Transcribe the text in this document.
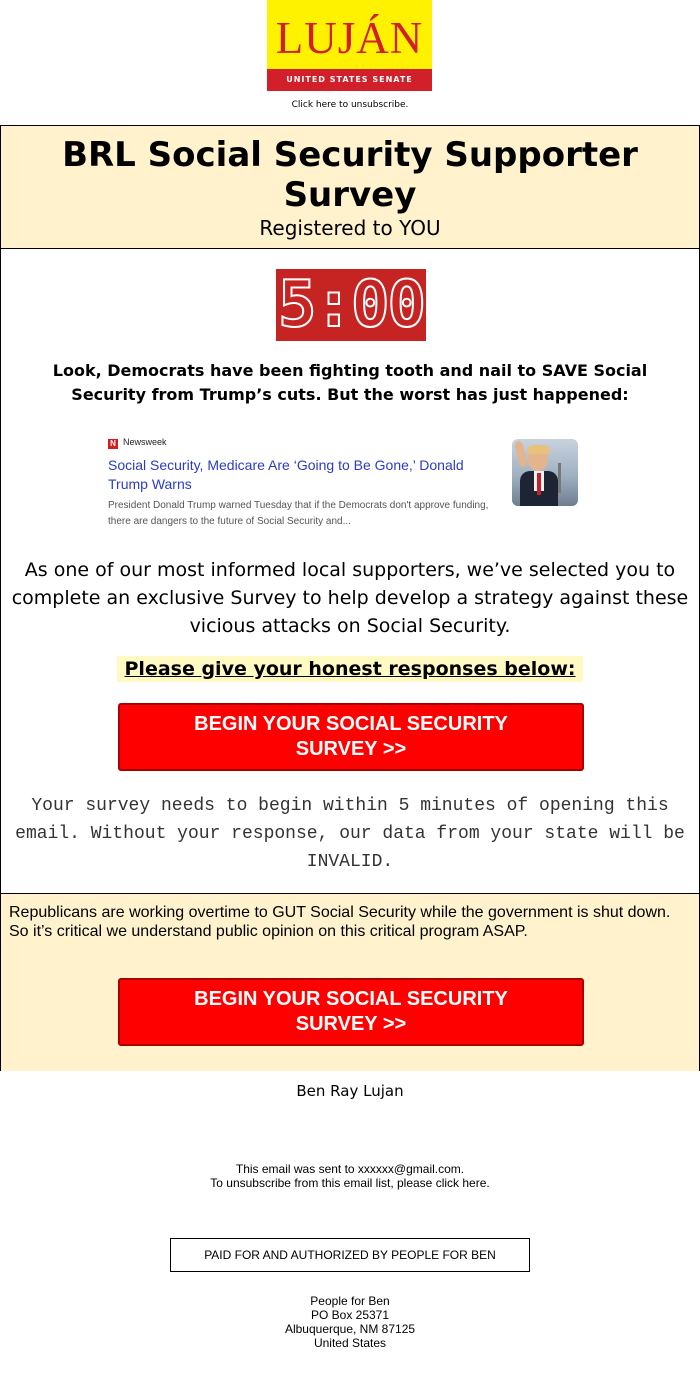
LUJÁN
UNITED STATES SENATE
Click here to unsubscribe.
BRL Social Security Supporter Survey
Registered to YOU
5:00
Look, Democrats have been fighting tooth and nail to SAVE Social Security from Trump’s cuts. But the worst has just happened:
N Newsweek
Social Security, Medicare Are ‘Going to Be Gone,’ Donald Trump Warns
President Donald Trump warned Tuesday that if the Democrats don't approve funding, there are dangers to the future of Social Security and...
As one of our most informed local supporters, we’ve selected you to complete an exclusive Survey to help develop a strategy against these vicious attacks on Social Security.
Please give your honest responses below:
BEGIN YOUR SOCIAL SECURITY SURVEY >>
Your survey needs to begin within 5 minutes of opening this email. Without your response, our data from your state will be INVALID.
Republicans are working overtime to GUT Social Security while the government is shut down. So it’s critical we understand public opinion on this critical program ASAP.
BEGIN YOUR SOCIAL SECURITY SURVEY >>
Ben Ray Lujan
This email was sent to xxxxxx@gmail.com.
To unsubscribe from this email list, please click here.
PAID FOR AND AUTHORIZED BY PEOPLE FOR BEN
People for Ben
PO Box 25371
Albuquerque, NM 87125
United States
